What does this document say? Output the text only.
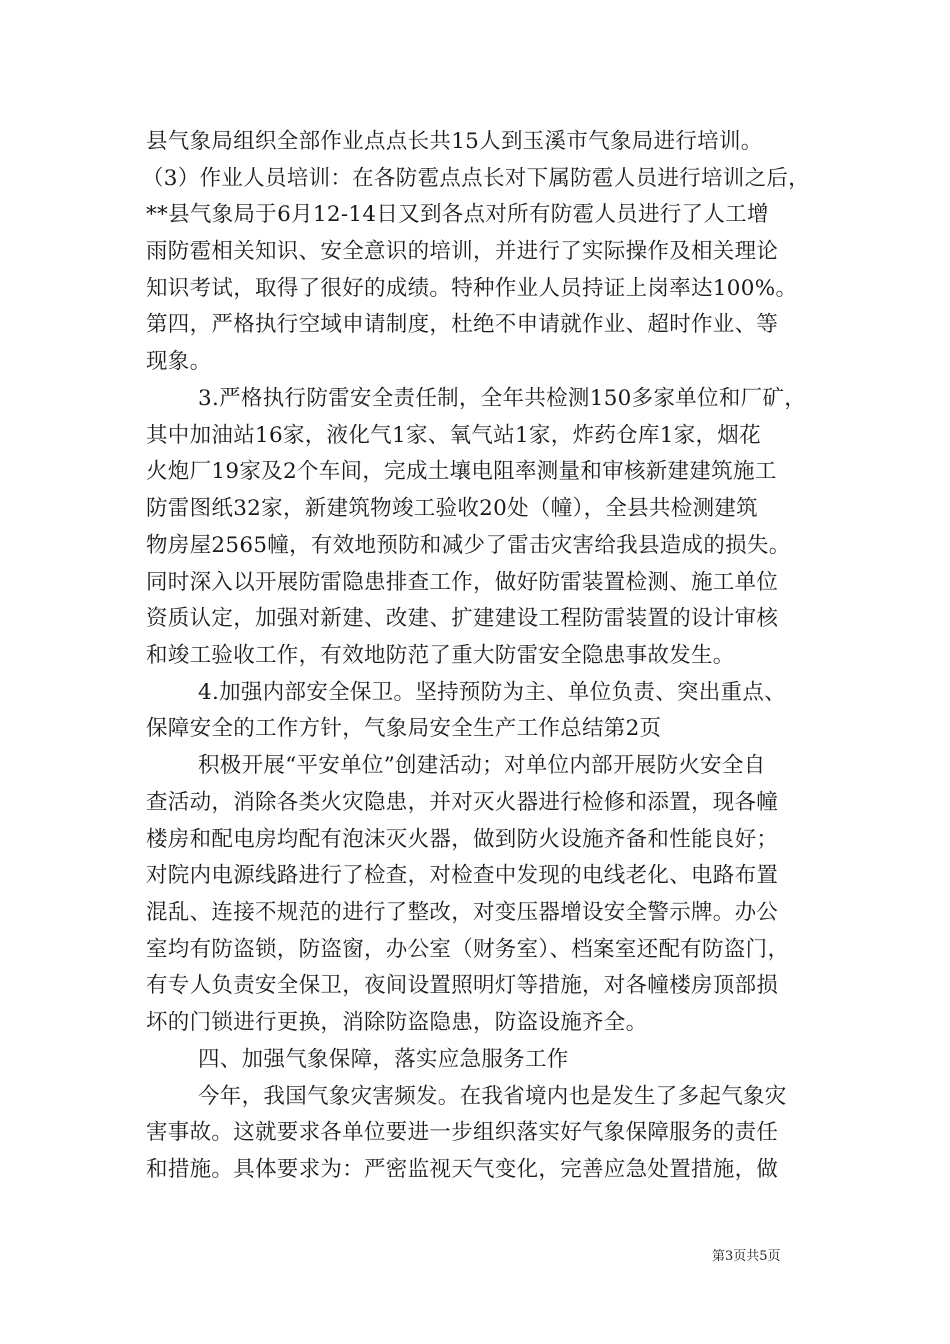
县气象局组织全部作业点点长共15人到玉溪市气象局进行培训。
（3）作业人员培训：在各防雹点点长对下属防雹人员进行培训之后，
**县气象局于6月12-14日又到各点对所有防雹人员进行了人工增
雨防雹相关知识、安全意识的培训，并进行了实际操作及相关理论
知识考试，取得了很好的成绩。特种作业人员持证上岗率达100%。
第四，严格执行空域申请制度，杜绝不申请就作业、超时作业、等
现象。
3.严格执行防雷安全责任制，全年共检测150多家单位和厂矿，
其中加油站16家，液化气1家、氧气站1家，炸药仓库1家，烟花
火炮厂19家及2个车间，完成土壤电阻率测量和审核新建建筑施工
防雷图纸32家，新建筑物竣工验收20处（幢），全县共检测建筑
物房屋2565幢，有效地预防和减少了雷击灾害给我县造成的损失。
同时深入以开展防雷隐患排查工作，做好防雷装置检测、施工单位
资质认定，加强对新建、改建、扩建建设工程防雷装置的设计审核
和竣工验收工作，有效地防范了重大防雷安全隐患事故发生。
4.加强内部安全保卫。坚持预防为主、单位负责、突出重点、
保障安全的工作方针，气象局安全生产工作总结第2页
积极开展“平安单位”创建活动；对单位内部开展防火安全自
查活动，消除各类火灾隐患，并对灭火器进行检修和添置，现各幢
楼房和配电房均配有泡沫灭火器，做到防火设施齐备和性能良好；
对院内电源线路进行了检查，对检查中发现的电线老化、电路布置
混乱、连接不规范的进行了整改，对变压器增设安全警示牌。办公
室均有防盗锁，防盗窗，办公室（财务室）、档案室还配有防盗门，
有专人负责安全保卫，夜间设置照明灯等措施，对各幢楼房顶部损
坏的门锁进行更换，消除防盗隐患，防盗设施齐全。
四、加强气象保障，落实应急服务工作
今年，我国气象灾害频发。在我省境内也是发生了多起气象灾
害事故。这就要求各单位要进一步组织落实好气象保障服务的责任
和措施。具体要求为：严密监视天气变化，完善应急处置措施，做
第3页共5页
